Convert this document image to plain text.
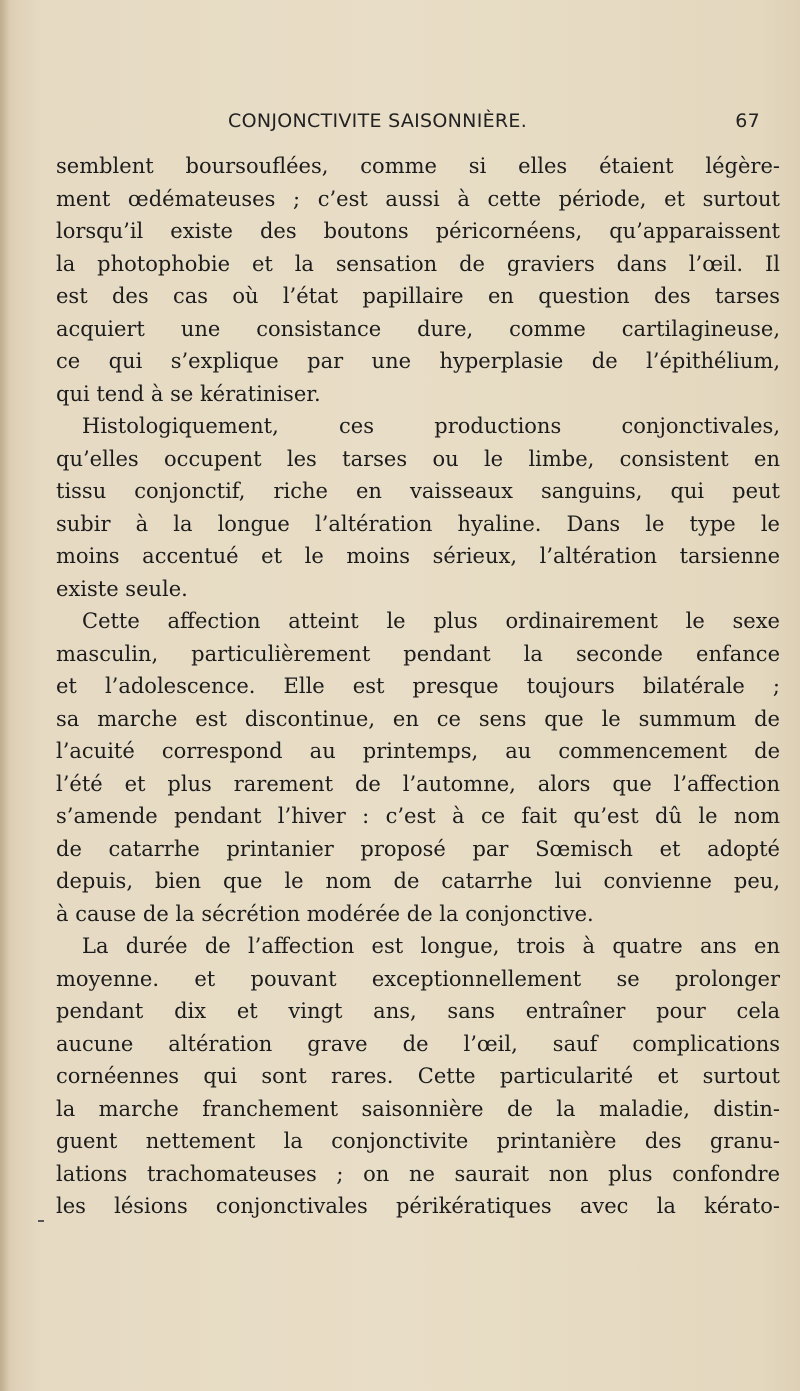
CONJONCTIVITE SAISONNIÈRE.	67
semblent boursouflées, comme si elles étaient légère-
ment œdémateuses ; c’est aussi à cette période, et surtout
lorsqu’il existe des boutons péricornéens, qu’apparaissent
la photophobie et la sensation de graviers dans l’œil. Il
est des cas où l’état papillaire en question des tarses
acquiert une consistance dure, comme cartilagineuse,
ce qui s’explique par une hyperplasie de l’épithélium,
qui tend à se kératiniser.
Histologiquement, ces productions conjonctivales,
qu’elles occupent les tarses ou le limbe, consistent en
tissu conjonctif, riche en vaisseaux sanguins, qui peut
subir à la longue l’altération hyaline. Dans le type le
moins accentué et le moins sérieux, l’altération tarsienne
existe seule.
Cette affection atteint le plus ordinairement le sexe
masculin, particulièrement pendant la seconde enfance
et l’adolescence. Elle est presque toujours bilatérale ;
sa marche est discontinue, en ce sens que le summum de
l’acuité correspond au printemps, au commencement de
l’été et plus rarement de l’automne, alors que l’affection
s’amende pendant l’hiver : c’est à ce fait qu’est dû le nom
de catarrhe printanier proposé par Sœmisch et adopté
depuis, bien que le nom de catarrhe lui convienne peu,
à cause de la sécrétion modérée de la conjonctive.
La durée de l’affection est longue, trois à quatre ans en
moyenne. et pouvant exceptionnellement se prolonger
pendant dix et vingt ans, sans entraîner pour cela
aucune altération grave de l’œil, sauf complications
cornéennes qui sont rares. Cette particularité et surtout
la marche franchement saisonnière de la maladie, distin-
guent nettement la conjonctivite printanière des granu-
lations trachomateuses ; on ne saurait non plus confondre
les lésions conjonctivales périkératiques avec la kérato-
